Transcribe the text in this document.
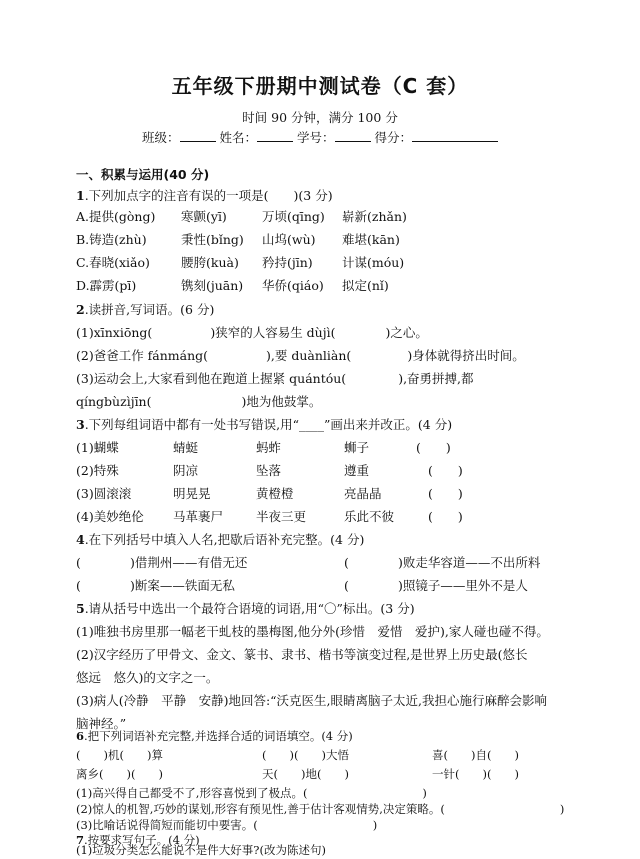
五年级下册期中测试卷（C 套）
时间 90 分钟，满分 100 分
班级：	姓名：	学号：	得分：
一、积累与运用(40 分)
1.下列加点字的注音有误的一项是(　　)(3 分)
A.提供(gòng) 寒颤(yī)	万顷(qīng) 崭新(zhǎn)
B.铸造(zhù)	秉性(bǐng) 山坞(wù) 难堪(kān)
C.春晓(xiǎo) 腰胯(kuà) 矜持(jīn) 计谋(móu)
D.霹雳(pī)	镌刻(juān) 华侨(qiáo) 拟定(nǐ)
2.读拼音,写词语。(6 分)
(1)xīnxiōng(	)狭窄的人容易生 dùjì(	)之心。
(2)爸爸工作 fánmáng(	),要 duànliàn(	)身体就得挤出时间。
(3)运动会上,大家看到他在跑道上握紧 quántóu(	),奋勇拼搏,都
qíngbùzìjīn(	)地为他鼓掌。
3.下列每组词语中都有一处书写错误,用“____”画出来并改正。(4 分)
(1)蝴蝶	蜻蜓	蚂蚱	蛳子	(　　)
(2)特殊	阴凉	坠落	遵重	(　　)
(3)圆滚滚	明晃晃	黄橙橙	亮晶晶	(　　)
(4)美妙绝伦 马革裹尸	半夜三更	乐此不彼	(　　)
4.在下列括号中填入人名,把歇后语补充完整。(4 分)
(	)借荆州——有借无还	(	)败走华容道——不出所料
(	)断案——铁面无私	(	)照镜子——里外不是人
5.请从括号中选出一个最符合语境的词语,用“〇”标出。(3 分)
(1)唯独书房里那一幅老干虬枝的墨梅图,他分外(珍惜　爱惜　爱护),家人碰也碰不得。
(2)汉字经历了甲骨文、金文、篆书、隶书、楷书等演变过程,是世界上历史最(悠长
悠远　悠久)的文字之一。
(3)病人(冷静　平静　安静)地回答:“沃克医生,眼睛离脑子太近,我担心施行麻醉会影响
脑神经。”
6.把下列词语补充完整,并选择合适的词语填空。(4 分)
(　　)机(　　)算	(　　)(　　)大悟	喜(　　)自(　　)
离乡(　　)(　　)	天(　　)地(　　)	一针(　　)(　　)
(1)高兴得自己都受不了,形容喜悦到了极点。(　　　　　　　　　　)
(2)惊人的机智,巧妙的谋划,形容有预见性,善于估计客观情势,决定策略。(　　　　　　　　　　)
(3)比喻话说得简短而能切中要害。(　　　　　　　　　　)
7.按要求写句子。(4 分)
(1)垃圾分类怎么能说不是件大好事?(改为陈述句)
